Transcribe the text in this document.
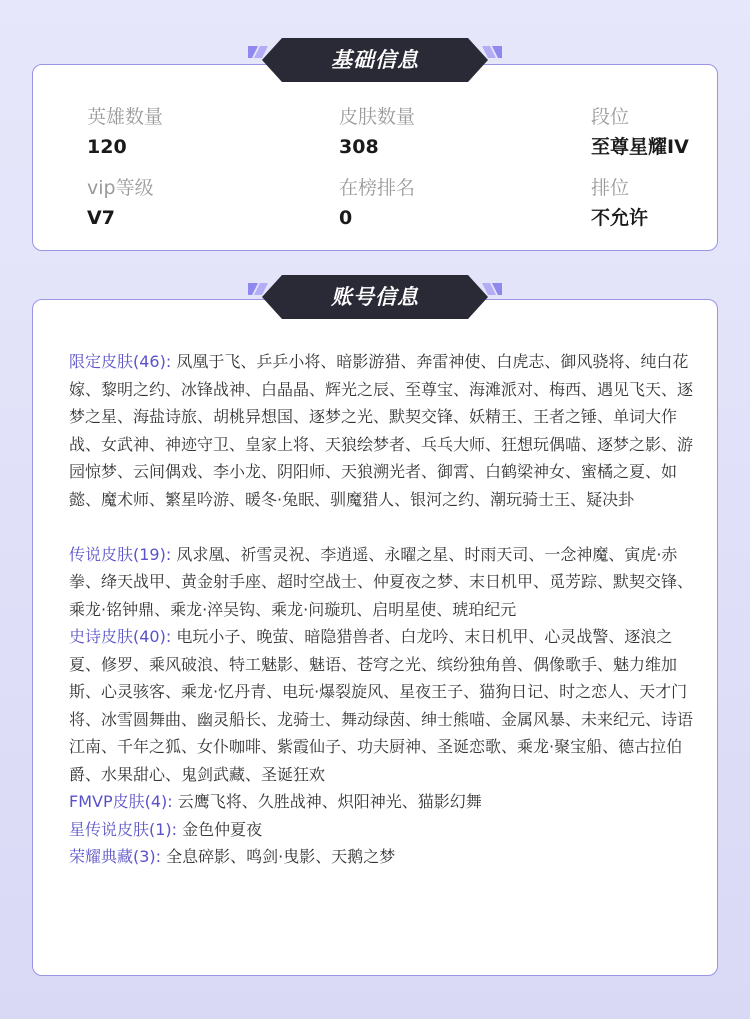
英雄数量
120
皮肤数量
308
段位
至尊星耀IV
vip等级
V7
在榜排名
0
排位
不允许
基础信息

限定皮肤(46): 凤凰于飞、乒乒小将、暗影游猎、奔雷神使、白虎志、御风骁将、纯白花嫁、黎明之约、冰锋战神、白晶晶、辉光之辰、至尊宝、海滩派对、梅西、遇见飞天、逐梦之星、海盐诗旅、胡桃异想国、逐梦之光、默契交锋、妖精王、王者之锤、单词大作战、女武神、神迹守卫、皇家上将、天狼绘梦者、乓乓大师、狂想玩偶喵、逐梦之影、游园惊梦、云间偶戏、李小龙、阴阳师、天狼溯光者、御霄、白鹤梁神女、蜜橘之夏、如懿、魔术师、繁星吟游、暖冬·兔眠、驯魔猎人、银河之约、潮玩骑士王、疑决卦

传说皮肤(19): 凤求凰、祈雪灵祝、李逍遥、永曜之星、时雨天司、一念神魔、寅虎·赤拳、绛天战甲、黄金射手座、超时空战士、仲夏夜之梦、末日机甲、觅芳踪、默契交锋、乘龙·铭钟鼎、乘龙·淬吴钩、乘龙·问璇玑、启明星使、琥珀纪元

史诗皮肤(40): 电玩小子、晚萤、暗隐猎兽者、白龙吟、末日机甲、心灵战警、逐浪之夏、修罗、乘风破浪、特工魅影、魅语、苍穹之光、缤纷独角兽、偶像歌手、魅力维加斯、心灵骇客、乘龙·忆丹青、电玩·爆裂旋风、星夜王子、猫狗日记、时之恋人、天才门将、冰雪圆舞曲、幽灵船长、龙骑士、舞动绿茵、绅士熊喵、金属风暴、未来纪元、诗语江南、千年之狐、女仆咖啡、紫霞仙子、功夫厨神、圣诞恋歌、乘龙·聚宝船、德古拉伯爵、水果甜心、鬼剑武藏、圣诞狂欢

FMVP皮肤(4): 云鹰飞将、久胜战神、炽阳神光、猫影幻舞

星传说皮肤(1): 金色仲夏夜

荣耀典藏(3): 全息碎影、鸣剑·曳影、天鹅之梦

账号信息
